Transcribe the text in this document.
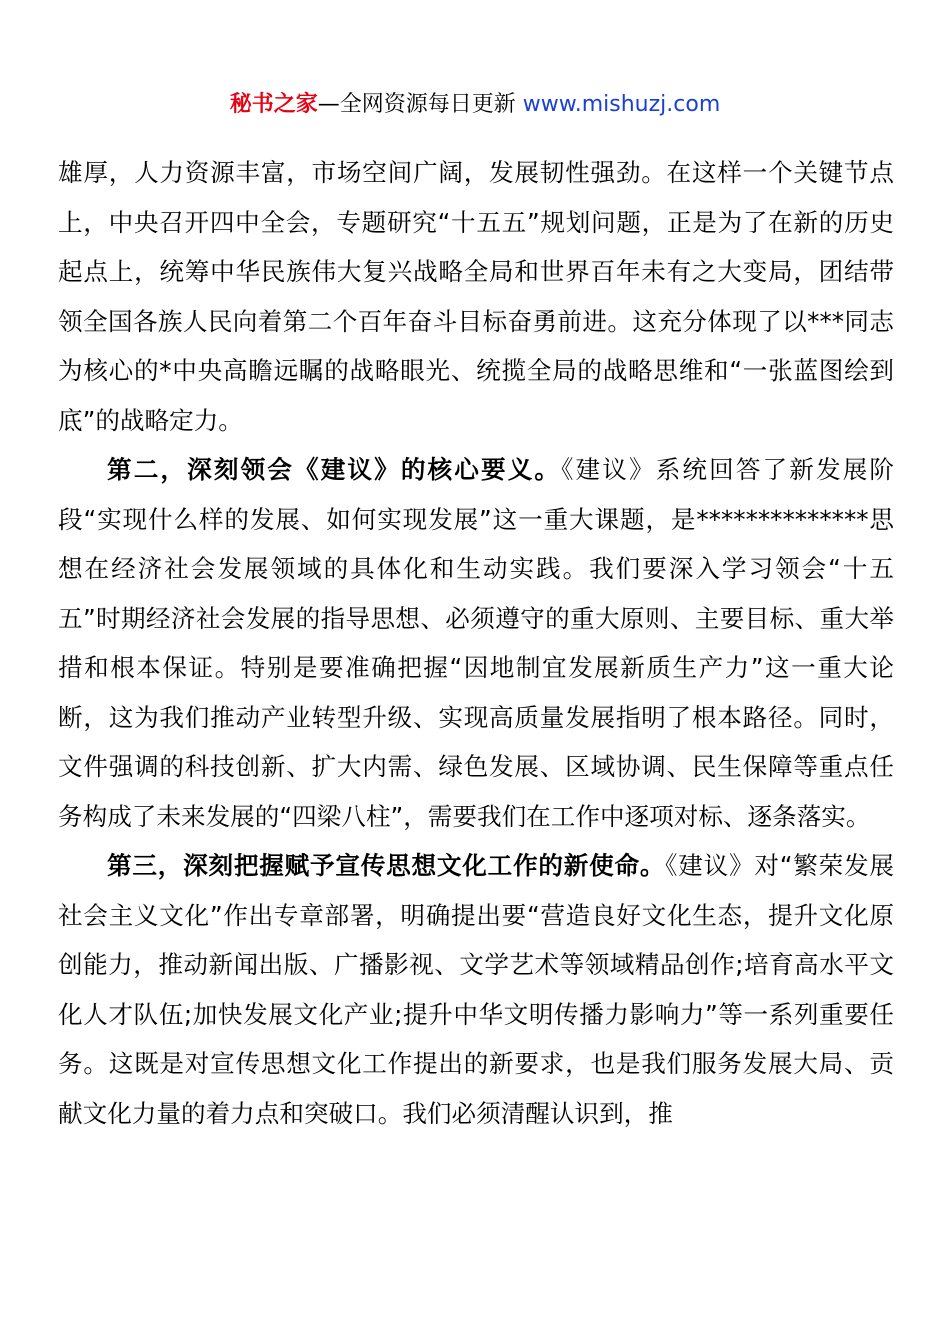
秘书之家—全网资源每日更新 www.mishuzj.com

雄厚，人力资源丰富，市场空间广阔，发展韧性强劲。在这样一个关键节点上，中央召开四中全会，专题研究“十五五”规划问题，正是为了在新的历史起点上，统筹中华民族伟大复兴战略全局和世界百年未有之大变局，团结带领全国各族人民向着第二个百年奋斗目标奋勇前进。这充分体现了以***同志为核心的*中央高瞻远瞩的战略眼光、统揽全局的战略思维和“一张蓝图绘到底”的战略定力。

第二，深刻领会《建议》的核心要义。《建议》系统回答了新发展阶段“实现什么样的发展、如何实现发展”这一重大课题，是**************思想在经济社会发展领域的具体化和生动实践。我们要深入学习领会“十五五”时期经济社会发展的指导思想、必须遵守的重大原则、主要目标、重大举措和根本保证。特别是要准确把握“因地制宜发展新质生产力”这一重大论断，这为我们推动产业转型升级、实现高质量发展指明了根本路径。同时，文件强调的科技创新、扩大内需、绿色发展、区域协调、民生保障等重点任务构成了未来发展的“四梁八柱”，需要我们在工作中逐项对标、逐条落实。

第三，深刻把握赋予宣传思想文化工作的新使命。《建议》对“繁荣发展社会主义文化”作出专章部署，明确提出要“营造良好文化生态，提升文化原创能力，推动新闻出版、广播影视、文学艺术等领域精品创作;培育高水平文化人才队伍;加快发展文化产业;提升中华文明传播力影响力”等一系列重要任务。这既是对宣传思想文化工作提出的新要求，也是我们服务发展大局、贡献文化力量的着力点和突破口。我们必须清醒认识到，推
